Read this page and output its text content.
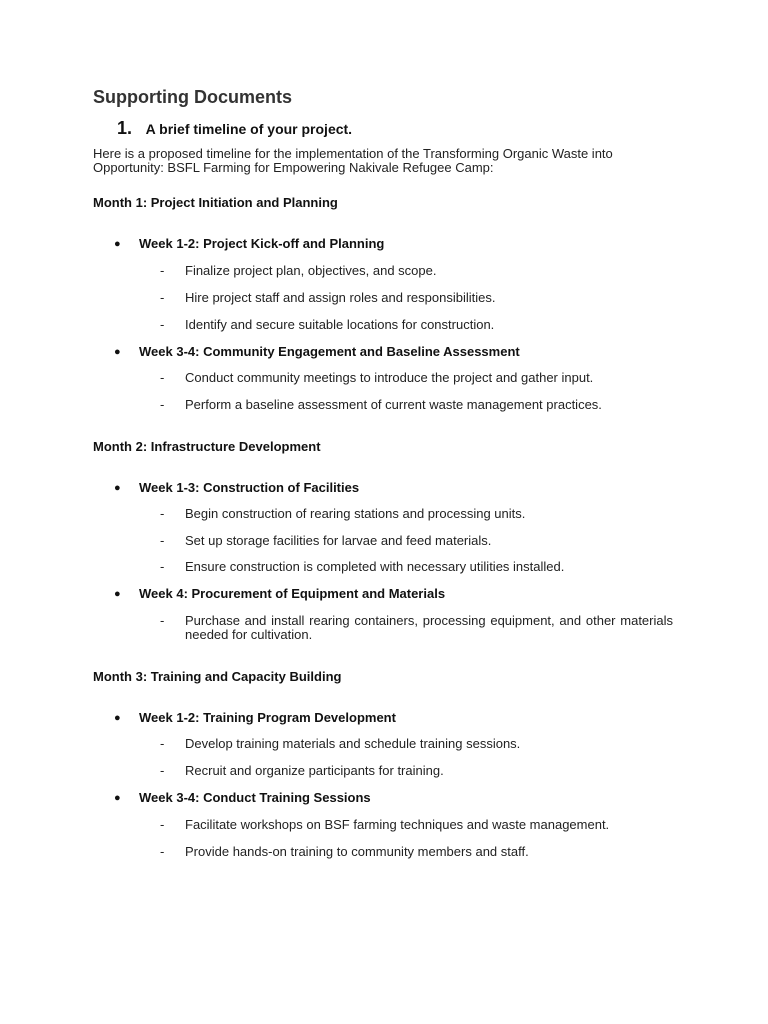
Supporting Documents
1. A brief timeline of your project.

Here is a proposed timeline for the implementation of the Transforming Organic Waste into Opportunity: BSFL Farming for Empowering Nakivale Refugee Camp:

Month 1: Project Initiation and Planning

● Week 1-2: Project Kick-off and Planning
-	Finalize project plan, objectives, and scope.
-	Hire project staff and assign roles and responsibilities.
-	Identify and secure suitable locations for construction.
● Week 3-4: Community Engagement and Baseline Assessment
-	Conduct community meetings to introduce the project and gather input.
-	Perform a baseline assessment of current waste management practices.

Month 2: Infrastructure Development

● Week 1-3: Construction of Facilities
-	Begin construction of rearing stations and processing units.
-	Set up storage facilities for larvae and feed materials.
-	Ensure construction is completed with necessary utilities installed.
● Week 4: Procurement of Equipment and Materials
-	Purchase and install rearing containers, processing equipment, and other materials needed for cultivation.

Month 3: Training and Capacity Building

● Week 1-2: Training Program Development
-	Develop training materials and schedule training sessions.
-	Recruit and organize participants for training.
● Week 3-4: Conduct Training Sessions
-	Facilitate workshops on BSF farming techniques and waste management.
-	Provide hands-on training to community members and staff.
